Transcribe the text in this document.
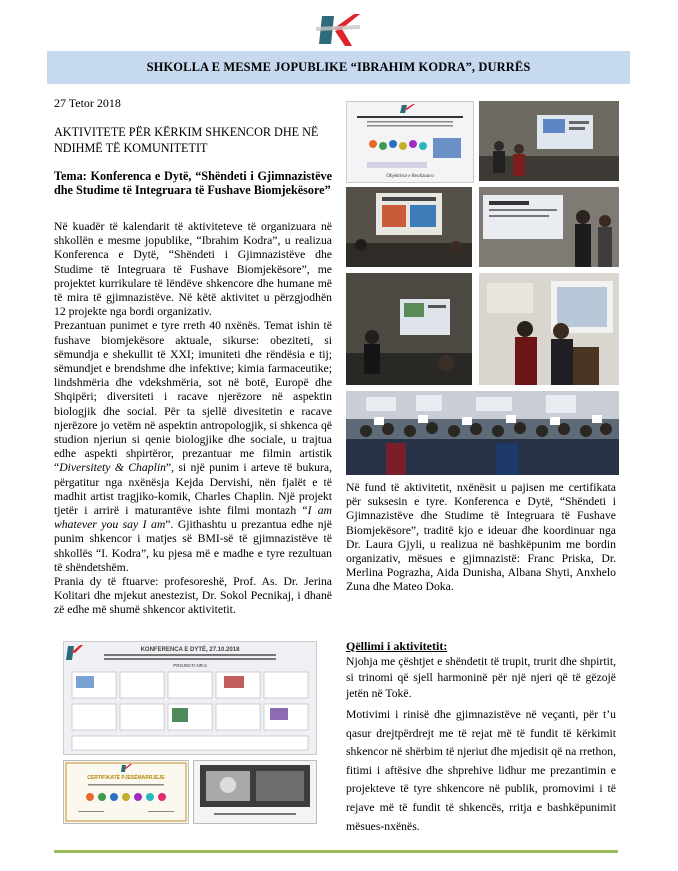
SHKOLLA E MESME JOPUBLIKE “IBRAHIM KODRA”, DURRËS
27 Tetor 2018
AKTIVITETE PËR KËRKIM SHKENCOR DHE NË NDIHMË TË KOMUNITETIT
Tema: Konferenca e Dytë, “Shëndeti i Gjimnazistëve dhe Studime të Integruara të Fushave Biomjekësore”

Në kuadër të kalendarit të aktiviteteve të organizuara në shkollën e mesme jopublike, “Ibrahim Kodra”, u realizua Konferenca e Dytë, “Shëndeti i Gjimnazistëve dhe Studime të Integruara të Fushave Biomjekësore”, me projektet kurrikulare të lëndëve shkencore dhe humane më të mira të gjimnazistëve. Në këtë aktivitet u përzgjodhën 12 projekte nga bordi organizativ.

Prezantuan punimet e tyre rreth 40 nxënës. Temat ishin të fushave biomjekësore aktuale, sikurse: obeziteti, si sëmundja e shekullit të XXI; imuniteti dhe rëndësia e tij; sëmundjet e brendshme dhe infektive; kimia farmaceutike; lindshmëria dhe vdekshmëria, sot në botë, Europë dhe Shqipëri; diversiteti i racave njerëzore në aspektin biologjik dhe social. Për ta sjellë divesitetin e racave njerëzore jo vetëm në aspektin antropologjik, si shkenca që studion njeriun si qenie biologjike dhe sociale, u trajtua edhe aspekti shpirtëror, prezantuar me filmin artistik “Diversitety & Chaplin”, si një punim i arteve të bukura, përgatitur nga nxënësja Kejda Dervishi, nën fjalët e të madhit artist tragjiko-komik, Charles Chaplin. Një projekt tjetër i arrirë i maturantëve ishte filmi montazh “I am whatever you say I am”. Gjithashtu u prezantua edhe një punim shkencor i matjes së BMI-së të gjimnazistëve të shkollës “I. Kodra”, ku pjesa më e madhe e tyre rezultuan të shëndetshëm.

Prania dy të ftuarve: profesoreshë, Prof. As. Dr. Jerina Kolitari dhe mjekut anestezist, Dr. Sokol Pecnikaj, i dhanë zë edhe më shumë shkencor aktivitetit.

Objektivat e Realizuara

Në fund të aktivitetit, nxënësit u pajisen me certifikata për suksesin e tyre. Konferenca e Dytë, “Shëndeti i Gjimnazistëve dhe Studime të Integruara të Fushave Biomjekësore”, traditë kjo e ideuar dhe koordinuar nga Dr. Laura Gjyli, u realizua në bashkëpunim me bordin organizativ, mësues e gjimnazistë: Franc Priska, Dr. Merlina Pograzha, Aida Dunisha, Albana Shyti, Anxhelo Zuna dhe Mateo Doka.

Qëllimi i aktivitetit:
Njohja me çështjet e shëndetit të trupit, trurit dhe shpirtit, si trinomi që sjell harmoninë për një njeri që të gëzojë jetën në Tokë.
Motivimi i rinisë dhe gjimnazistëve në veçanti, për t’u qasur drejtpërdrejt me të rejat më të fundit të kërkimit shkencor në shërbim të njeriut dhe mjedisit që na rrethon, fitimi i aftësive dhe shprehive lidhur me prezantimin e projekteve të tyre shkencore në publik, promovimi i të rejave më të fundit të shkencës, rritja e bashkëpunimit mësues-nxënës.
KONFERENCA E DYTË, 27.10.2018
PROJEKTI NR.5
CERTIFIKATË PJESËMARRJEJE
